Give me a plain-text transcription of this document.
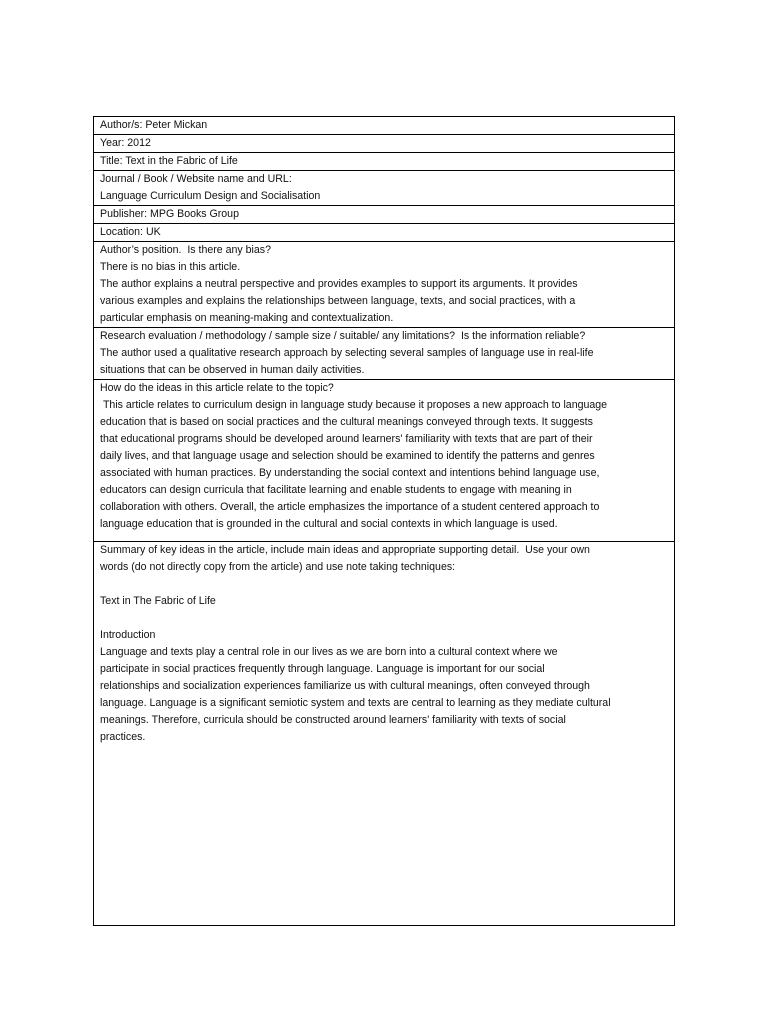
Author/s: Peter Mickan
Year: 2012
Title: Text in the Fabric of Life
Journal / Book / Website name and URL:
Language Curriculum Design and Socialisation
Publisher: MPG Books Group
Location: UK
Author’s position.  Is there any bias?
There is no bias in this article.
The author explains a neutral perspective and provides examples to support its arguments. It provides
various examples and explains the relationships between language, texts, and social practices, with a
particular emphasis on meaning-making and contextualization.
Research evaluation / methodology / sample size / suitable/ any limitations?  Is the information reliable?
The author used a qualitative research approach by selecting several samples of language use in real-life
situations that can be observed in human daily activities.
How do the ideas in this article relate to the topic?
This article relates to curriculum design in language study because it proposes a new approach to language
education that is based on social practices and the cultural meanings conveyed through texts. It suggests
that educational programs should be developed around learners' familiarity with texts that are part of their
daily lives, and that language usage and selection should be examined to identify the patterns and genres
associated with human practices. By understanding the social context and intentions behind language use,
educators can design curricula that facilitate learning and enable students to engage with meaning in
collaboration with others. Overall, the article emphasizes the importance of a student centered approach to
language education that is grounded in the cultural and social contexts in which language is used.
Summary of key ideas in the article, include main ideas and appropriate supporting detail.  Use your own
words (do not directly copy from the article) and use note taking techniques:
Text in The Fabric of Life
Introduction
Language and texts play a central role in our lives as we are born into a cultural context where we
participate in social practices frequently through language. Language is important for our social
relationships and socialization experiences familiarize us with cultural meanings, often conveyed through
language. Language is a significant semiotic system and texts are central to learning as they mediate cultural
meanings. Therefore, curricula should be constructed around learners' familiarity with texts of social
practices.
